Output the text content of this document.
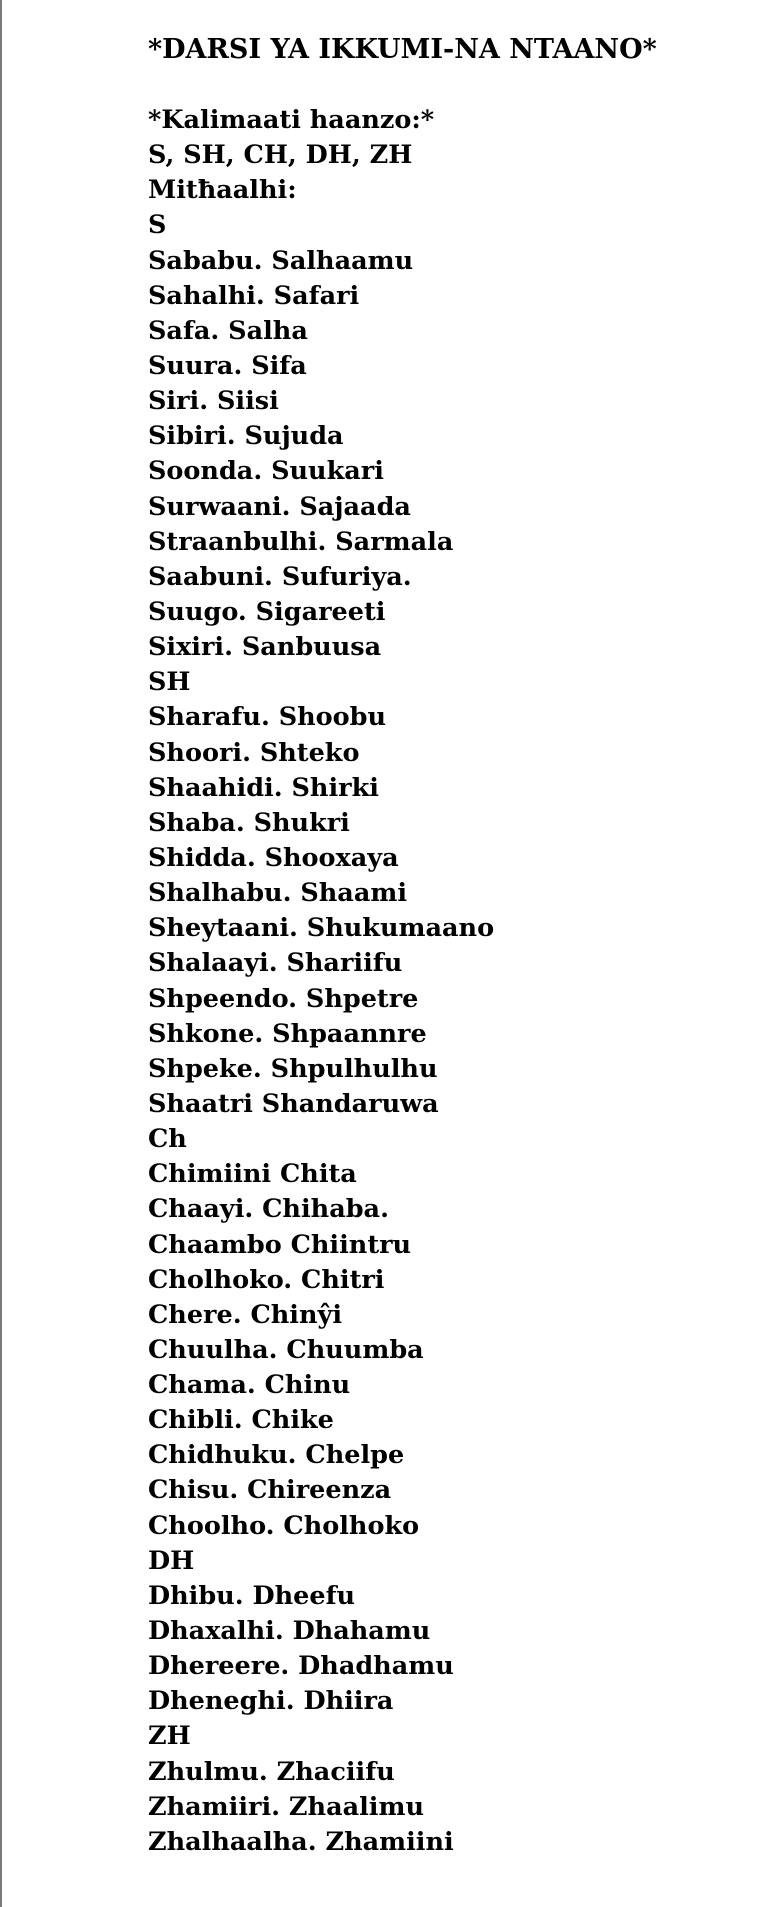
*DARSI YA IKKUMI-NA NTAANO*
*Kalimaati haanzo:*
S, SH, CH, DH, ZH
Mitħaalhi:
S
Sababu. Salhaamu
Sahalhi. Safari
Safa. Salha
Suura. Sifa
Siri. Siisi
Sibiri. Sujuda
Soonda. Suukari
Surwaani. Sajaada
Straanbulhi. Sarmala
Saabuni. Sufuriya.
Suugo. Sigareeti
Sixiri. Sanbuusa
SH
Sharafu. Shoobu
Shoori. Shteko
Shaahidi. Shirki
Shaba. Shukri
Shidda. Shooxaya
Shalhabu. Shaami
Sheytaani. Shukumaano
Shalaayi. Shariifu
Shpeendo. Shpetre
Shkone. Shpaannre
Shpeke. Shpulhulhu
Shaatri Shandaruwa
Ch
Chimiini Chita
Chaayi. Chihaba.
Chaambo Chiintru
Cholhoko. Chitri
Chere. Chinŷi
Chuulha. Chuumba
Chama. Chinu
Chibli. Chike
Chidhuku. Chelpe
Chisu. Chireenza
Choolho. Cholhoko
DH
Dhibu. Dheefu
Dhaxalhi. Dhahamu
Dhereere. Dhadhamu
Dheneghi. Dhiira
ZH
Zhulmu. Zhaciifu
Zhamiiri. Zhaalimu
Zhalhaalha. Zhamiini
